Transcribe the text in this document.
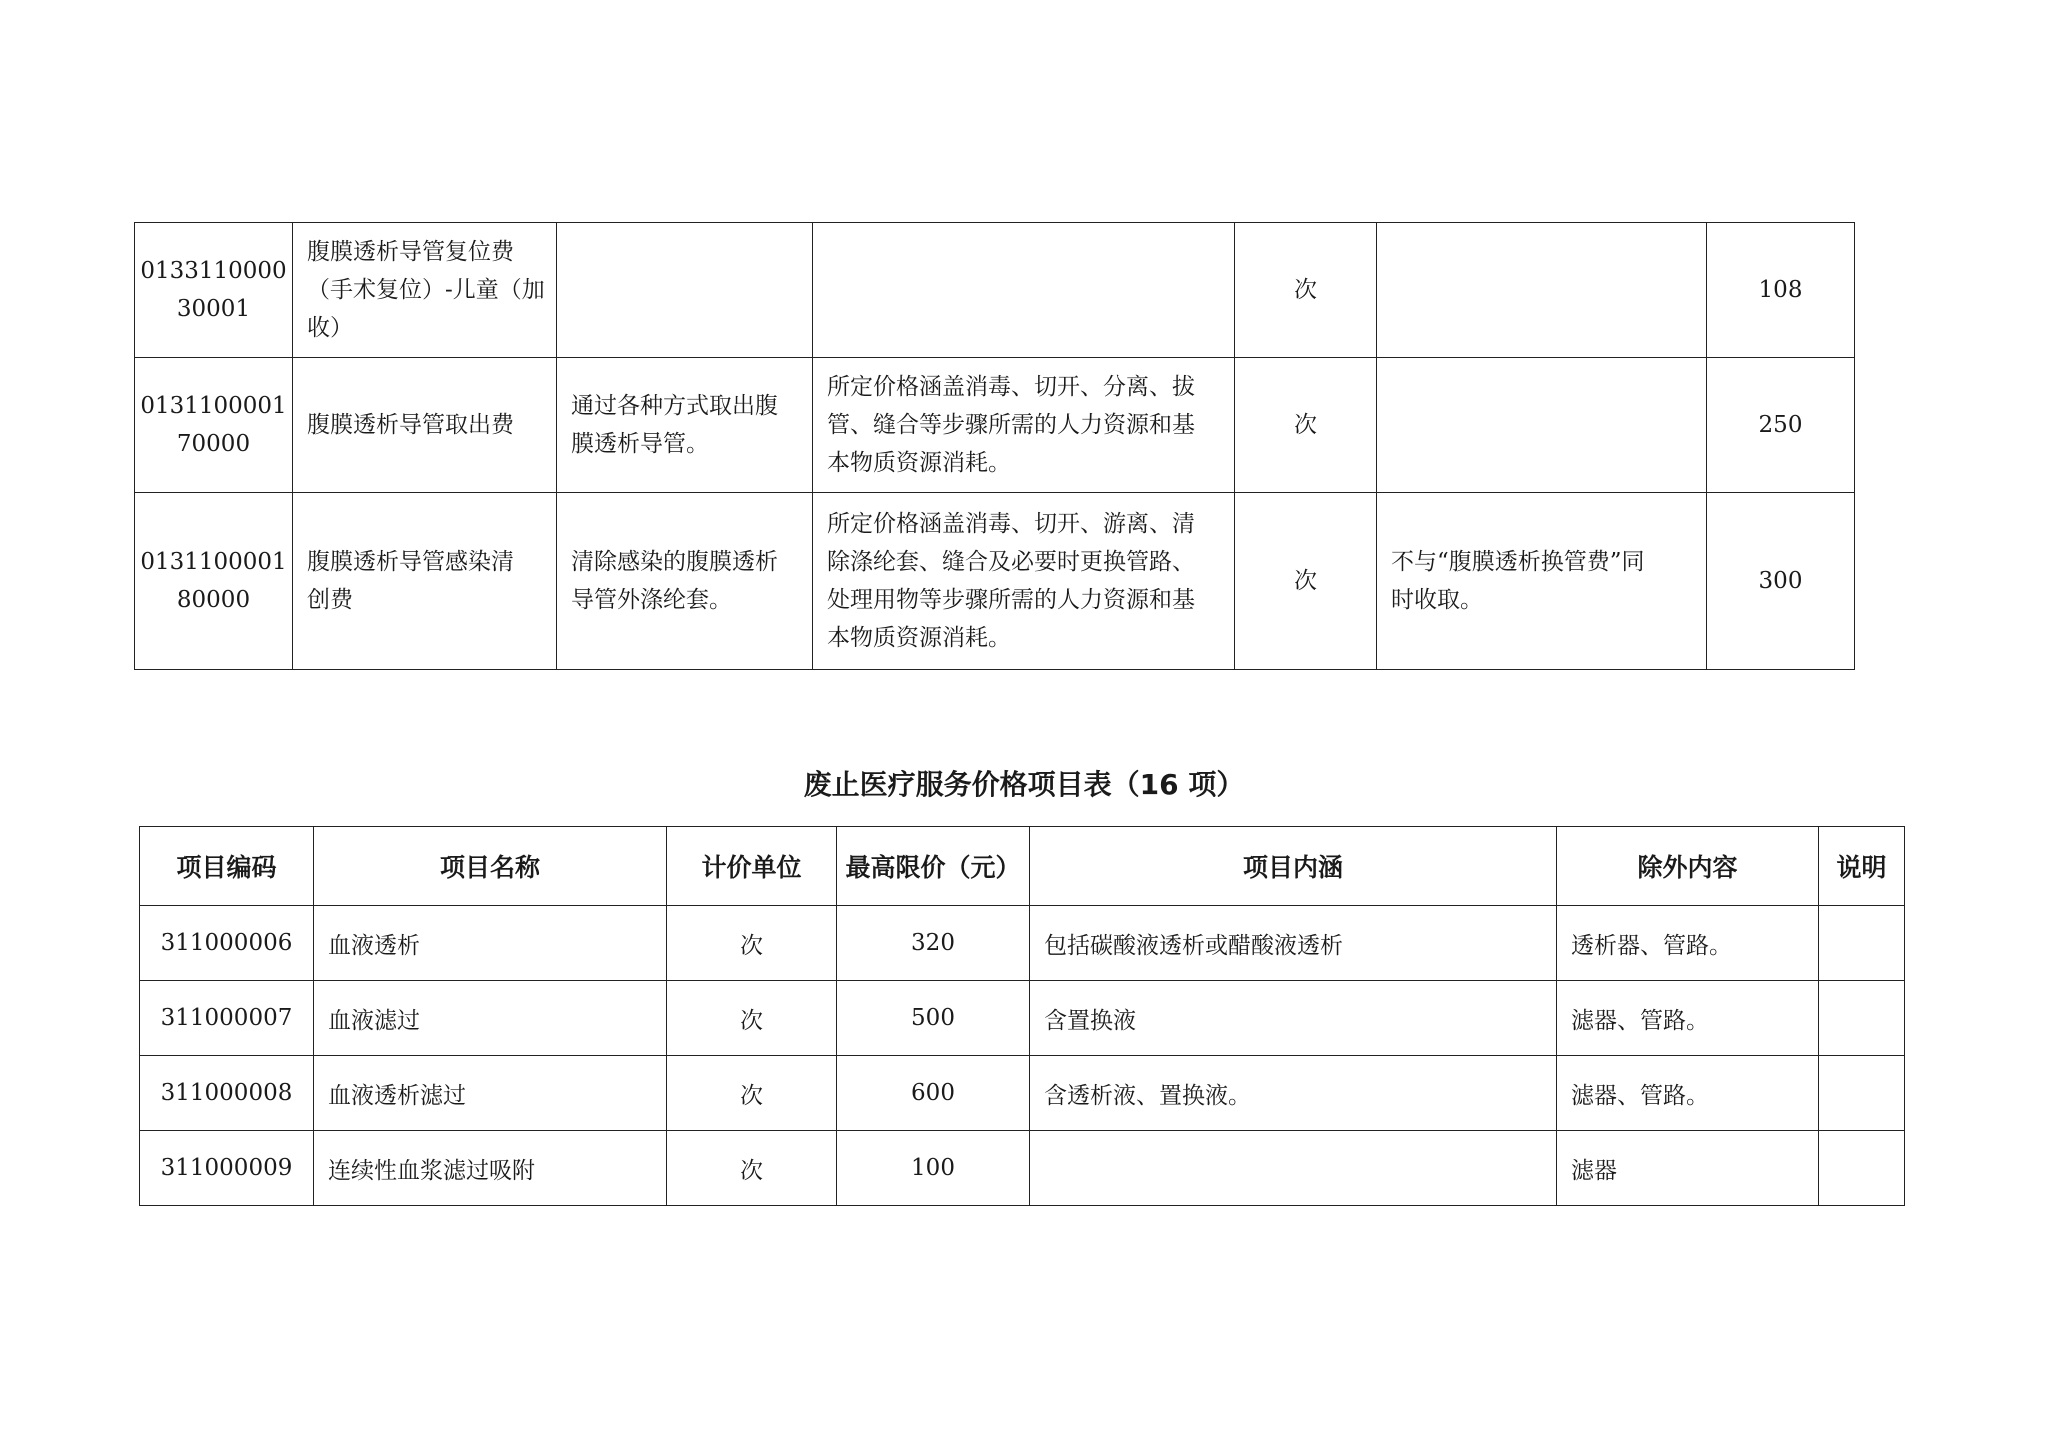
0133110000
30001	腹膜透析导管复位费
（手术复位）-儿童（加
收）			次		108
0131100001
70000	腹膜透析导管取出费	通过各种方式取出腹
膜透析导管。	所定价格涵盖消毒、切开、分离、拔
管、缝合等步骤所需的人力资源和基
本物质资源消耗。	次		250
0131100001
80000	腹膜透析导管感染清
创费	清除感染的腹膜透析
导管外涤纶套。	所定价格涵盖消毒、切开、游离、清
除涤纶套、缝合及必要时更换管路、
处理用物等步骤所需的人力资源和基
本物质资源消耗。	次	不与“腹膜透析换管费”同
时收取。	300
废止医疗服务价格项目表（16 项）
项目编码	项目名称	计价单位	最高限价（元）	项目内涵	除外内容	说明
311000006	血液透析	次	320	包括碳酸液透析或醋酸液透析	透析器、管路。	
311000007	血液滤过	次	500	含置换液	滤器、管路。	
311000008	血液透析滤过	次	600	含透析液、置换液。	滤器、管路。	
311000009	连续性血浆滤过吸附	次	100		滤器	
